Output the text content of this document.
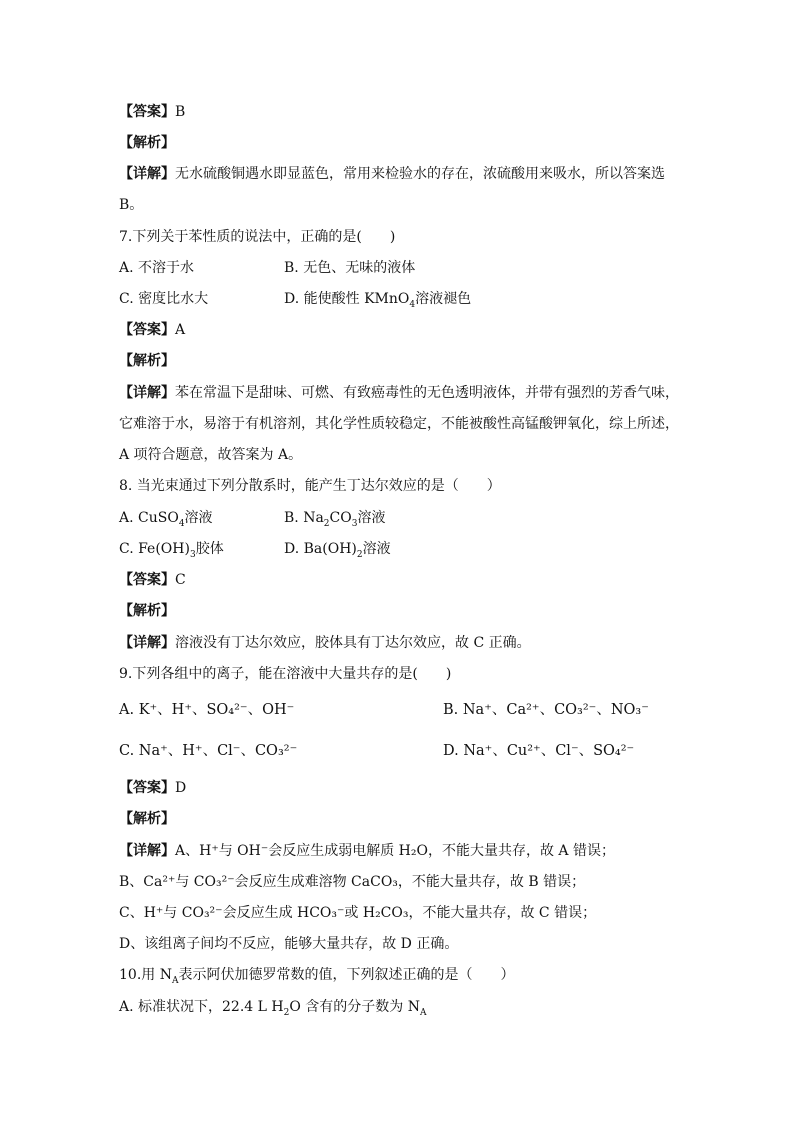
【答案】B
【解析】
【详解】无水硫酸铜遇水即显蓝色，常用来检验水的存在，浓硫酸用来吸水，所以答案选
B。
7.下列关于苯性质的说法中，正确的是(　　)
A. 不溶于水	B. 无色、无味的液体
C. 密度比水大	D. 能使酸性 KMnO$_4$溶液褪色
【答案】A
【解析】
【详解】苯在常温下是甜味、可燃、有致癌毒性的无色透明液体，并带有强烈的芳香气味，
它难溶于水，易溶于有机溶剂，其化学性质较稳定，不能被酸性高锰酸钾氧化，综上所述，
A 项符合题意，故答案为 A。
8. 当光束通过下列分散系时，能产生丁达尔效应的是（　　）
A. CuSO$_4$溶液	B. $Na_2CO_3$溶液
C. $Fe(OH)_3$胶体	D. $Ba(OH)_2$溶液
【答案】C
【解析】
【详解】溶液没有丁达尔效应，胶体具有丁达尔效应，故 C 正确。
9.下列各组中的离子，能在溶液中大量共存的是(　　)
A. K⁺、H⁺、SO₄²⁻、OH⁻	B. Na⁺、Ca²⁺、CO₃²⁻、NO₃⁻
C. Na⁺、H⁺、Cl⁻、CO₃²⁻	D. Na⁺、Cu²⁺、Cl⁻、SO₄²⁻
【答案】D
【解析】
【详解】A、H⁺与 OH⁻会反应生成弱电解质 H₂O，不能大量共存，故 A 错误；
B、Ca²⁺与 CO₃²⁻会反应生成难溶物 CaCO₃，不能大量共存，故 B 错误；
C、H⁺与 CO₃²⁻会反应生成 HCO₃⁻或 H₂CO₃，不能大量共存，故 C 错误；
D、该组离子间均不反应，能够大量共存，故 D 正确。
10.用 $N_A$表示阿伏加德罗常数的值，下列叙述正确的是（　　）
A. 标准状况下，22.4 L $H_2O$ 含有的分子数为 $N_A$
